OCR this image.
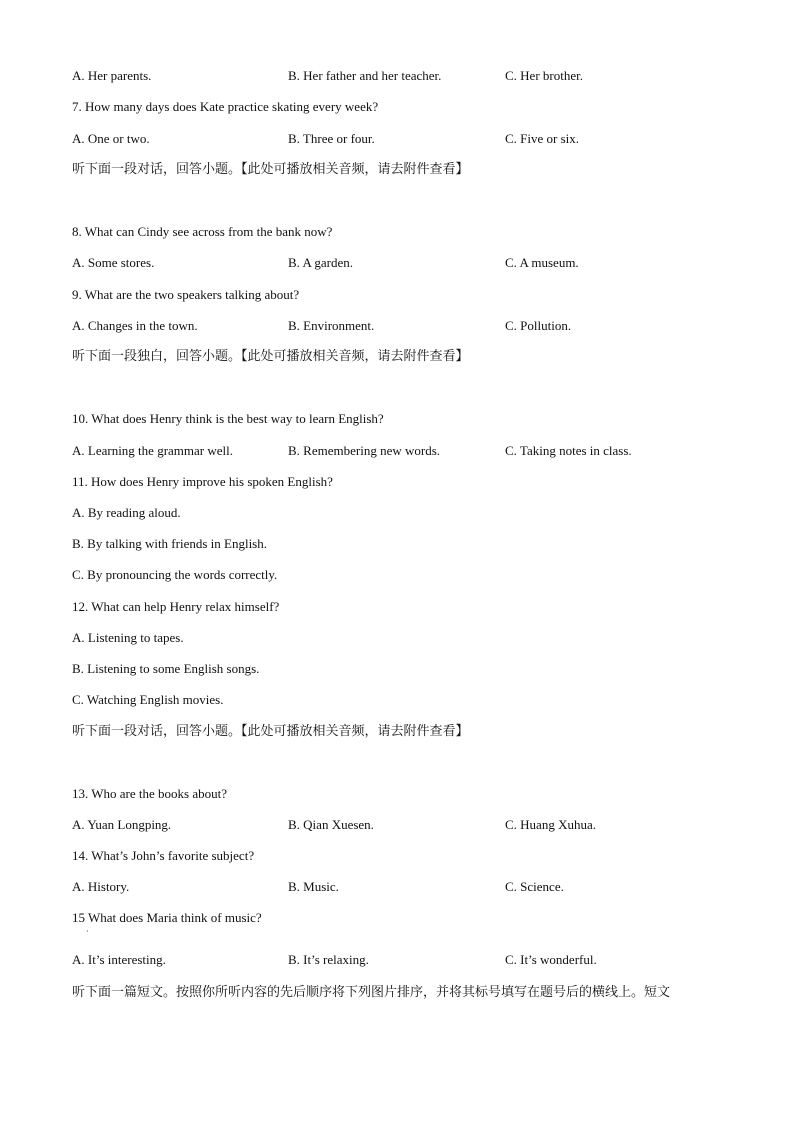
A. Her parents.	B. Her father and her teacher.	C. Her brother.
7. How many days does Kate practice skating every week?
A. One or two.	B. Three or four.	C. Five or six.
听下面一段对话，回答小题。【此处可播放相关音频，请去附件查看】
8. What can Cindy see across from the bank now?
A. Some stores.	B. A garden.	C. A museum.
9. What are the two speakers talking about?
A. Changes in the town.	B. Environment.	C. Pollution.
听下面一段独白，回答小题。【此处可播放相关音频，请去附件查看】
10. What does Henry think is the best way to learn English?
A. Learning the grammar well.	B. Remembering new words.	C. Taking notes in class.
11. How does Henry improve his spoken English?
A. By reading aloud.
B. By talking with friends in English.
C. By pronouncing the words correctly.
12. What can help Henry relax himself?
A. Listening to tapes.
B. Listening to some English songs.
C. Watching English movies.
听下面一段对话，回答小题。【此处可播放相关音频，请去附件查看】
13. Who are the books about?
A. Yuan Longping.	B. Qian Xuesen.	C. Huang Xuhua.
14. What’s John’s favorite subject?
A. History.	B. Music.	C. Science.
15 What does Maria think of music?
·
A. It’s interesting.	B. It’s relaxing.	C. It’s wonderful.
听下面一篇短文。按照你所听内容的先后顺序将下列图片排序，并将其标号填写在题号后的横线上。短文
